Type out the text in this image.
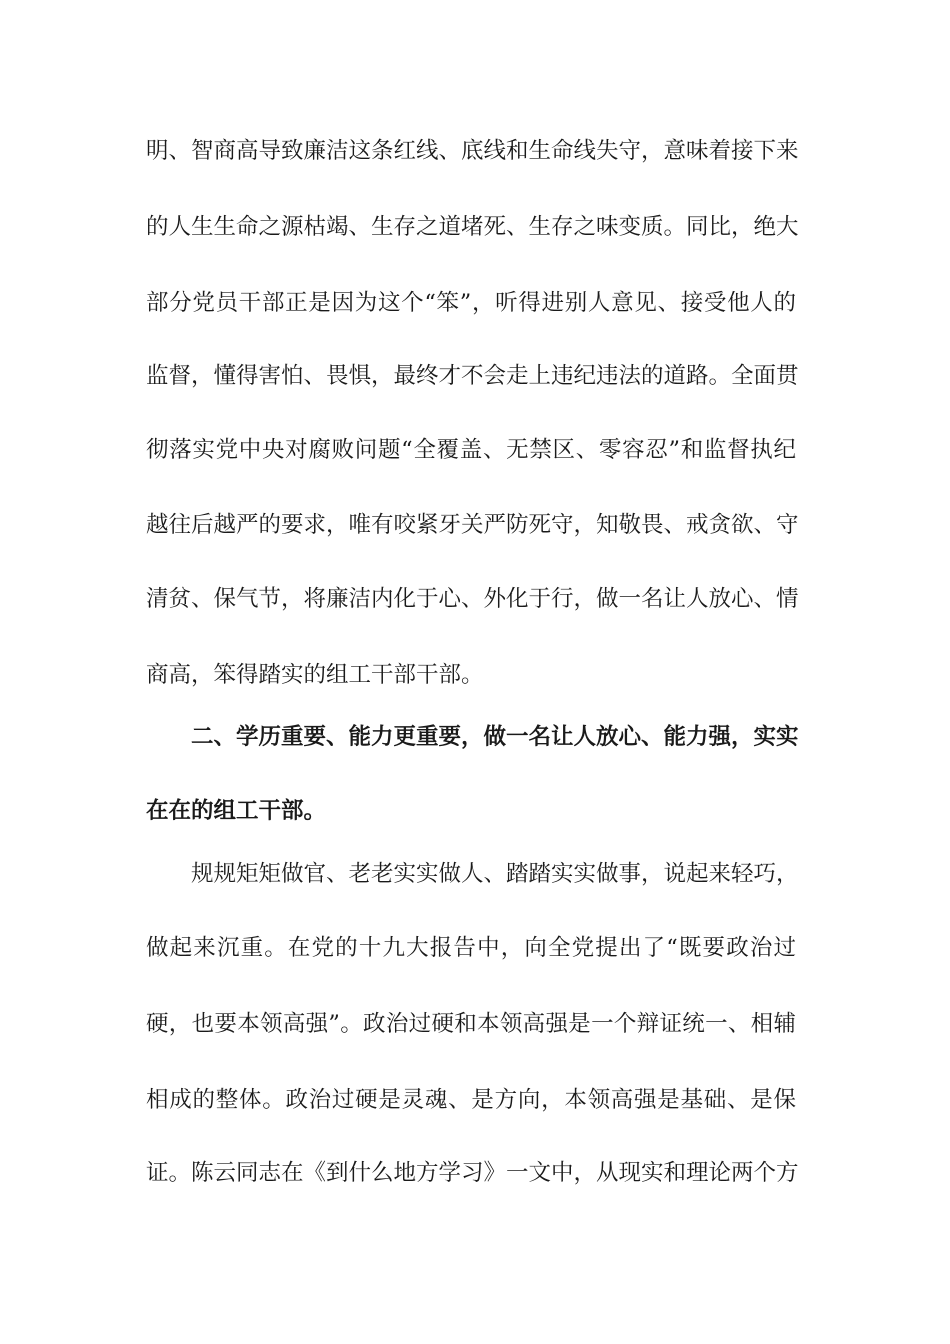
明、智商高导致廉洁这条红线、底线和生命线失守，意味着接下来
的人生生命之源枯竭、生存之道堵死、生存之味变质。同比，绝大
部分党员干部正是因为这个“笨”，听得进别人意见、接受他人的
监督，懂得害怕、畏惧，最终才不会走上违纪违法的道路。全面贯
彻落实党中央对腐败问题“全覆盖、无禁区、零容忍”和监督执纪
越往后越严的要求，唯有咬紧牙关严防死守，知敬畏、戒贪欲、守
清贫、保气节，将廉洁内化于心、外化于行，做一名让人放心、情
商高，笨得踏实的组工干部干部。
二、学历重要、能力更重要，做一名让人放心、能力强，实实
在在的组工干部。
规规矩矩做官、老老实实做人、踏踏实实做事，说起来轻巧，
做起来沉重。在党的十九大报告中，向全党提出了“既要政治过
硬，也要本领高强”。政治过硬和本领高强是一个辩证统一、相辅
相成的整体。政治过硬是灵魂、是方向，本领高强是基础、是保
证。陈云同志在《到什么地方学习》一文中，从现实和理论两个方
